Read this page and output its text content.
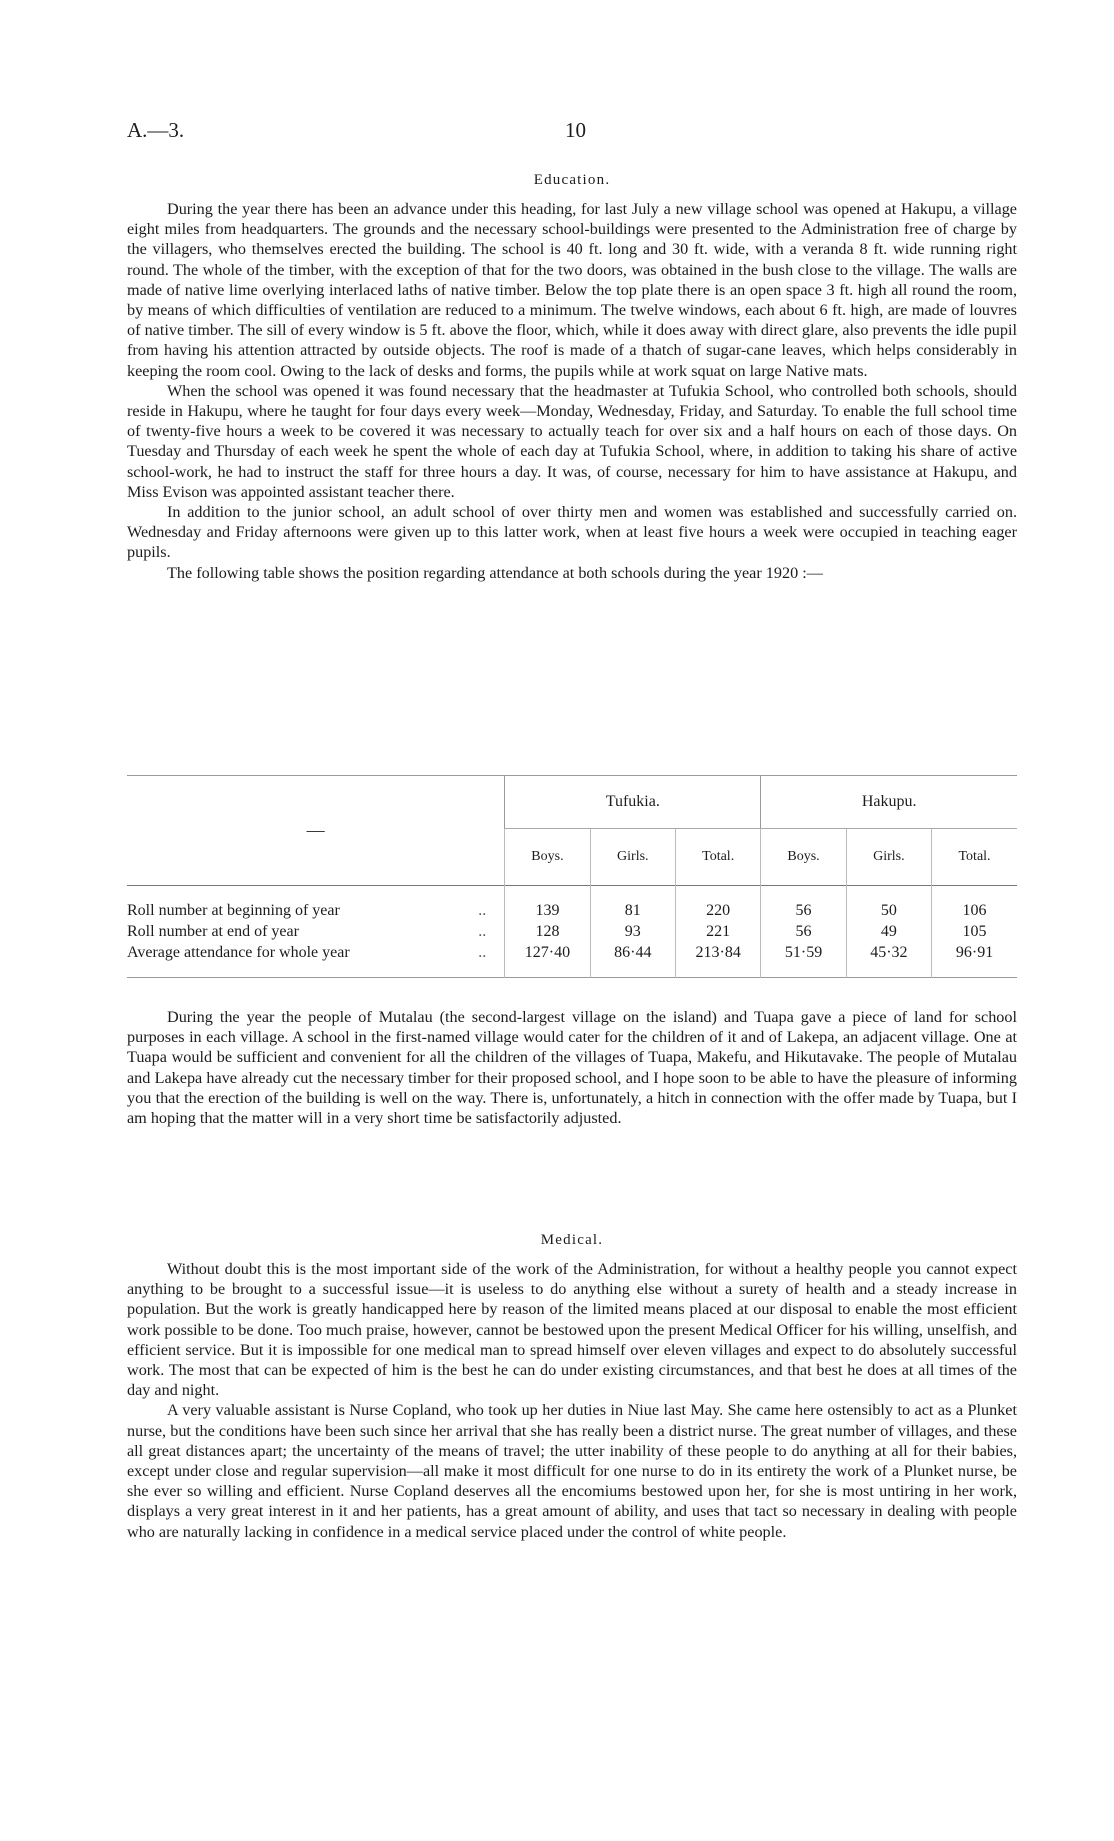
A.—3.	10
Education.

During the year there has been an advance under this heading, for last July a new village school was opened at Hakupu, a village eight miles from headquarters. The grounds and the necessary school-buildings were presented to the Administration free of charge by the villagers, who themselves erected the building. The school is 40 ft. long and 30 ft. wide, with a veranda 8 ft. wide running right round. The whole of the timber, with the exception of that for the two doors, was obtained in the bush close to the village. The walls are made of native lime overlying interlaced laths of native timber. Below the top plate there is an open space 3 ft. high all round the room, by means of which difficulties of ventilation are reduced to a minimum. The twelve windows, each about 6 ft. high, are made of louvres of native timber. The sill of every window is 5 ft. above the floor, which, while it does away with direct glare, also prevents the idle pupil from having his attention attracted by outside objects. The roof is made of a thatch of sugar-cane leaves, which helps considerably in keeping the room cool. Owing to the lack of desks and forms, the pupils while at work squat on large Native mats.

When the school was opened it was found necessary that the headmaster at Tufukia School, who controlled both schools, should reside in Hakupu, where he taught for four days every week—Monday, Wednesday, Friday, and Saturday. To enable the full school time of twenty-five hours a week to be covered it was necessary to actually teach for over six and a half hours on each of those days. On Tuesday and Thursday of each week he spent the whole of each day at Tufukia School, where, in addition to taking his share of active school-work, he had to instruct the staff for three hours a day. It was, of course, necessary for him to have assistance at Hakupu, and Miss Evison was appointed assistant teacher there.

In addition to the junior school, an adult school of over thirty men and women was established and successfully carried on. Wednesday and Friday afternoons were given up to this latter work, when at least five hours a week were occupied in teaching eager pupils.

The following table shows the position regarding attendance at both schools during the year 1920 :—

—	Tufukia.			Hakupu.		
	Boys.	Girls.	Total.	Boys.	Girls.	Total.

Roll number at beginning of year ..	139	81	220	56	50	106
Roll number at end of year ..	128	93	221	56	49	105
Average attendance for whole year ..	127·40	86·44	213·84	51·59	45·32	96·91

During the year the people of Mutalau (the second-largest village on the island) and Tuapa gave a piece of land for school purposes in each village. A school in the first-named village would cater for the children of it and of Lakepa, an adjacent village. One at Tuapa would be sufficient and convenient for all the children of the villages of Tuapa, Makefu, and Hikutavake. The people of Mutalau and Lakepa have already cut the necessary timber for their proposed school, and I hope soon to be able to have the pleasure of informing you that the erection of the building is well on the way. There is, unfortunately, a hitch in connection with the offer made by Tuapa, but I am hoping that the matter will in a very short time be satisfactorily adjusted.

Medical.

Without doubt this is the most important side of the work of the Administration, for without a healthy people you cannot expect anything to be brought to a successful issue—it is useless to do anything else without a surety of health and a steady increase in population. But the work is greatly handicapped here by reason of the limited means placed at our disposal to enable the most efficient work possible to be done. Too much praise, however, cannot be bestowed upon the present Medical Officer for his willing, unselfish, and efficient service. But it is impossible for one medical man to spread himself over eleven villages and expect to do absolutely successful work. The most that can be expected of him is the best he can do under existing circumstances, and that best he does at all times of the day and night.

A very valuable assistant is Nurse Copland, who took up her duties in Niue last May. She came here ostensibly to act as a Plunket nurse, but the conditions have been such since her arrival that she has really been a district nurse. The great number of villages, and these all great distances apart; the uncertainty of the means of travel; the utter inability of these people to do anything at all for their babies, except under close and regular supervision—all make it most difficult for one nurse to do in its entirety the work of a Plunket nurse, be she ever so willing and efficient. Nurse Copland deserves all the encomiums bestowed upon her, for she is most untiring in her work, displays a very great interest in it and her patients, has a great amount of ability, and uses that tact so necessary in dealing with people who are naturally lacking in confidence in a medical service placed under the control of white people.
